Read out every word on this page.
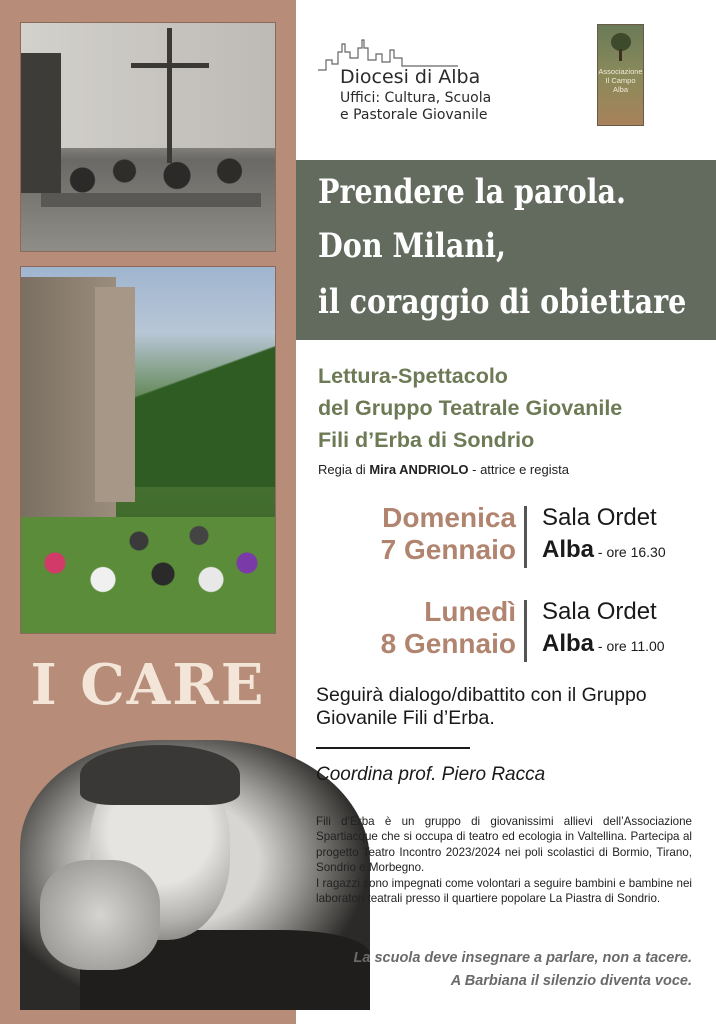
I CARE
Diocesi di Alba
Uffici: Cultura, Scuola
e Pastorale Giovanile
Associazione
Il Campo Alba
Prendere la parola.
Don Milani,
il coraggio di obiettare
Lettura-Spettacolo
del Gruppo Teatrale Giovanile
Fili d’Erba di Sondrio
Regia di Mira ANDRIOLO - attrice e regista
Domenica
7 Gennaio
Sala Ordet
Alba - ore 16.30
Lunedì
8 Gennaio
Sala Ordet
Alba - ore 11.00
Seguirà dialogo/dibattito con il Gruppo Giovanile Fili d’Erba.
Coordina prof. Piero Racca

Fili d’Erba è un gruppo di giovanissimi allievi dell’Associazione Spartiacque che si occupa di teatro ed ecologia in Valtellina. Partecipa al progetto Teatro Incontro 2023/2024 nei poli scolastici di Bormio, Tirano, Sondrio e Morbegno.

I ragazzi sono impegnati come volontari a seguire bambini e bambine nei laboratori teatrali presso il quartiere popolare La Piastra di Sondrio.

La scuola deve insegnare a parlare, non a tacere.
A Barbiana il silenzio diventa voce.
